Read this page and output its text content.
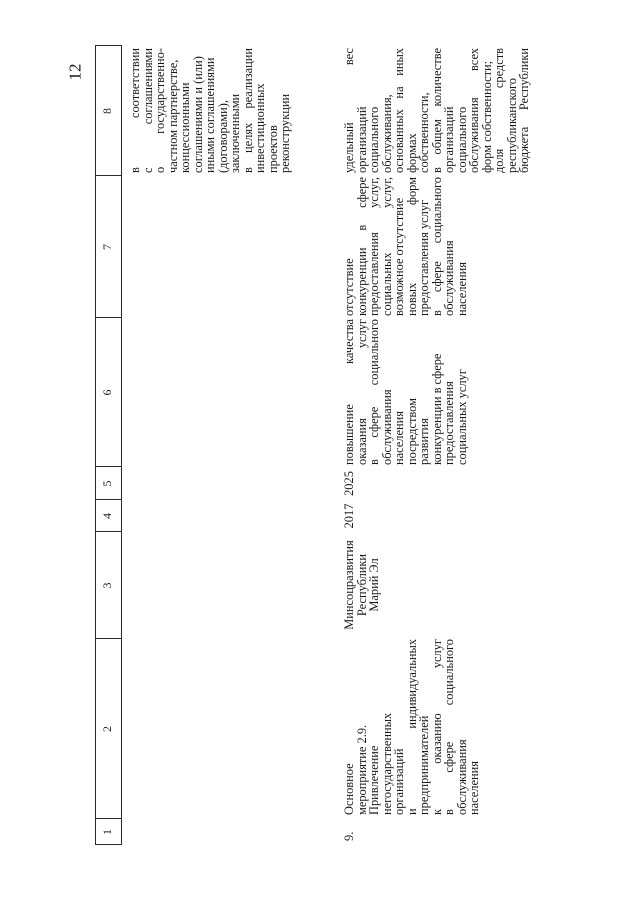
12
1
2
3
4
5
6
7
8 в соответствии
с соглашениями
о государственно-
частном партнерстве,
концессионными
соглашениями и (или)
иными соглашениями
(договорами),
заключенными
в целях реализации
инвестиционных
проектов
реконструкции
9.
Основное
мероприятие 2.9.
Привлечение
негосударственных
организаций
и индивидуальных
предпринимателей
к оказанию услуг
в сфере социального
обслуживания
населения
Минсоцразвития
Республики
Марий Эл
2017
2025
повышение качества
оказания услуг
в сфере социального
обслуживания
населения
посредством
развития
конкуренции в сфере
предоставления
социальных услуг
отсутствие
конкуренции в сфере
предоставления услуг,
социальных услуг,
возможное отсутствие
новых форм
предоставления услуг
в сфере социального
обслуживания
населения
удельный вес
организаций
социального
обслуживания,
основанных на иных
формах
собственности,
в общем количестве
организаций
социального
обслуживания всех
форм собственности;
доля средств
республиканского
бюджета Республики
